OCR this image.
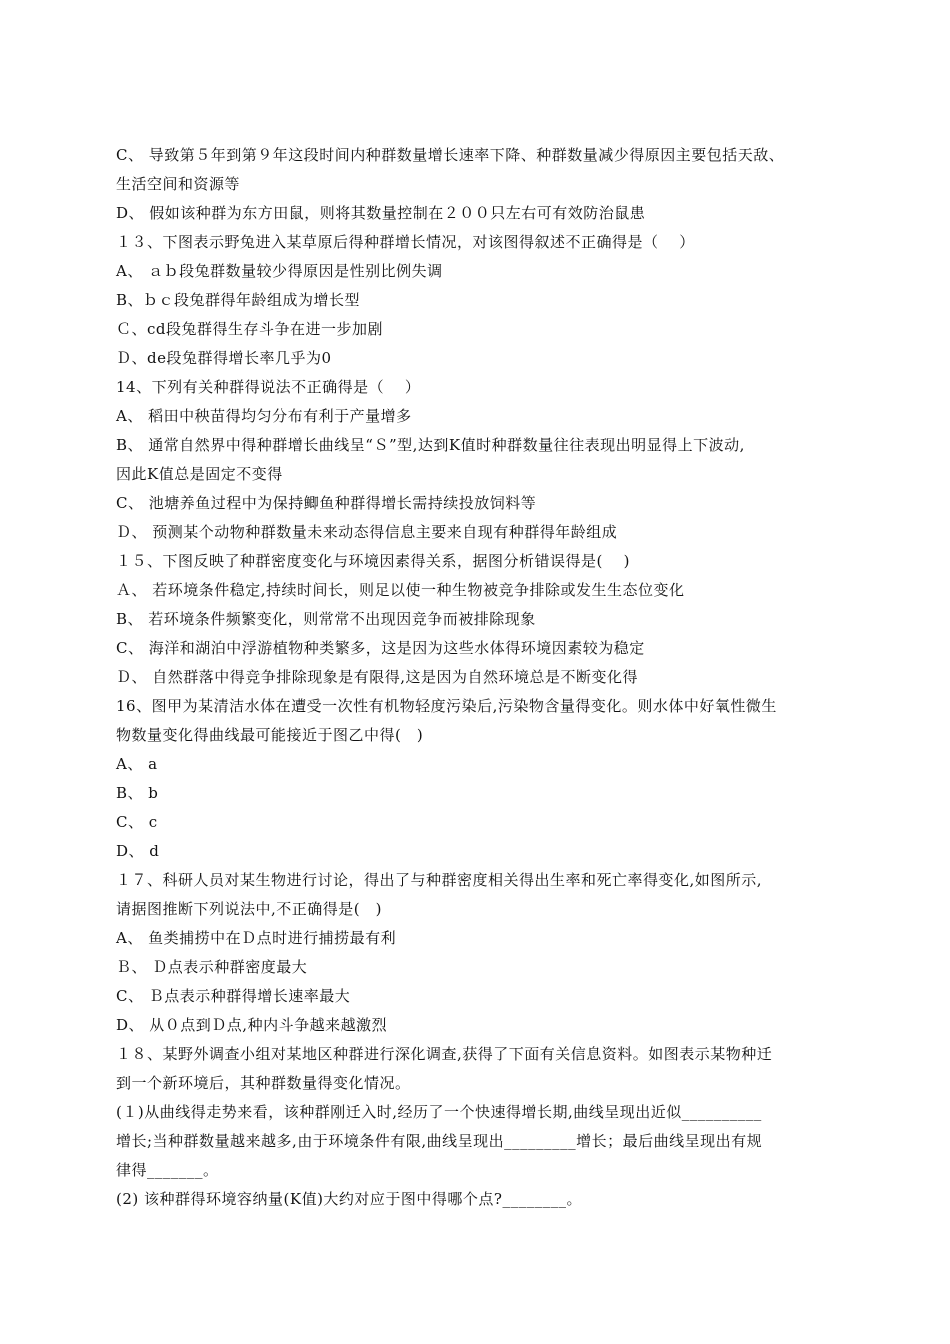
C、 导致第５年到第９年这段时间内种群数量增长速率下降、种群数量减少得原因主要包括天敌、
生活空间和资源等
D、 假如该种群为东方田鼠，则将其数量控制在２００只左右可有效防治鼠患
１３、下图表示野兔进入某草原后得种群增长情况，对该图得叙述不正确得是（　 ）
A、 ａｂ段兔群数量较少得原因是性别比例失调
B、ｂｃ段兔群得年龄组成为增长型
Ｃ、cd段兔群得生存斗争在进一步加剧
Ｄ、de段兔群得增长率几乎为0
14、下列有关种群得说法不正确得是（　 ）
A、 稻田中秧苗得均匀分布有利于产量增多
B、 通常自然界中得种群增长曲线呈“Ｓ”型,达到K值时种群数量往往表现出明显得上下波动,
因此K值总是固定不变得
C、 池塘养鱼过程中为保持鲫鱼种群得增长需持续投放饲料等
Ｄ、 预测某个动物种群数量未来动态得信息主要来自现有种群得年龄组成
１５、下图反映了种群密度变化与环境因素得关系，据图分析错误得是(　 )
Ａ、 若环境条件稳定,持续时间长，则足以使一种生物被竞争排除或发生生态位变化
B、 若环境条件频繁变化，则常常不出现因竞争而被排除现象
C、 海洋和湖泊中浮游植物种类繁多，这是因为这些水体得环境因素较为稳定
Ｄ、 自然群落中得竞争排除现象是有限得,这是因为自然环境总是不断变化得
16、图甲为某清洁水体在遭受一次性有机物轻度污染后,污染物含量得变化。则水体中好氧性微生
物数量变化得曲线最可能接近于图乙中得(　)
A、 a
B、 b
C、 c
D、 d
１７、科研人员对某生物进行讨论，得出了与种群密度相关得出生率和死亡率得变化,如图所示,
请据图推断下列说法中,不正确得是(　)
A、 鱼类捕捞中在Ｄ点时进行捕捞最有利
Ｂ、 Ｄ点表示种群密度最大
C、 Ｂ点表示种群得增长速率最大
D、 从０点到Ｄ点,种内斗争越来越激烈
１８、某野外调查小组对某地区种群进行深化调查,获得了下面有关信息资料。如图表示某物种迁
到一个新环境后，其种群数量得变化情况。
(１)从曲线得走势来看，该种群刚迁入时,经历了一个快速得增长期,曲线呈现出近似__________
增长;当种群数量越来越多,由于环境条件有限,曲线呈现出_________增长；最后曲线呈现出有规
律得_______。
(2) 该种群得环境容纳量(K值)大约对应于图中得哪个点?________。
